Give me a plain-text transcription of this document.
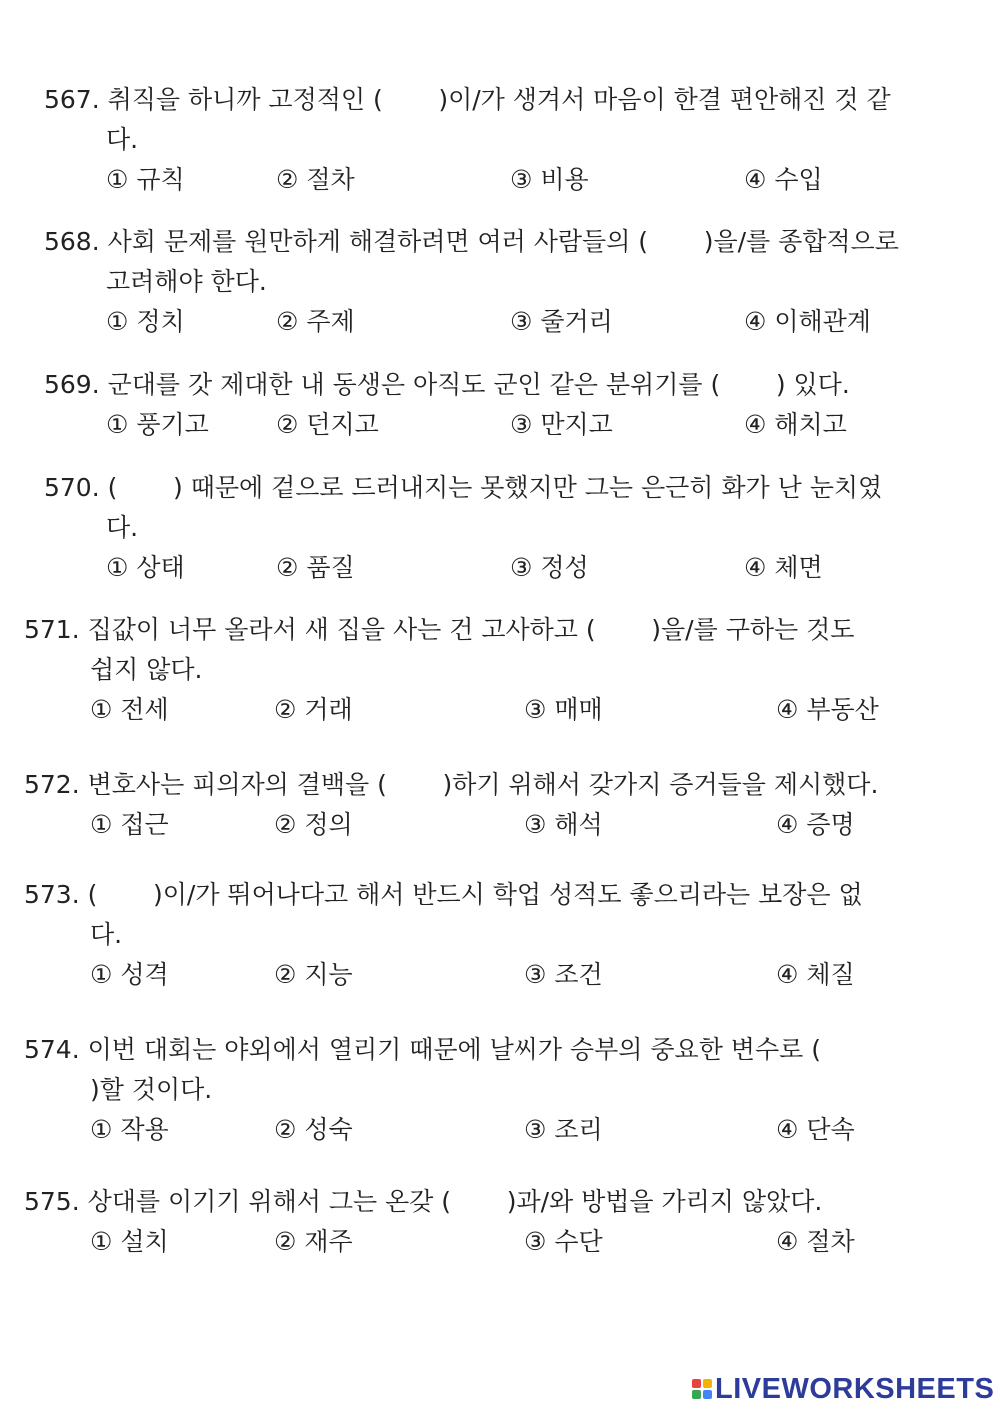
567. 취직을 하니까 고정적인 (       )이/가 생겨서 마음이 한결 편안해진 것 같
다.
① 규칙	② 절차	③ 비용	④ 수입
568. 사회 문제를 원만하게 해결하려면 여러 사람들의 (       )을/를 종합적으로
고려해야 한다.
① 정치	② 주제	③ 줄거리	④ 이해관계
569. 군대를 갓 제대한 내 동생은 아직도 군인 같은 분위기를 (       ) 있다.
① 풍기고	② 던지고	③ 만지고	④ 해치고
570. (       ) 때문에 겉으로 드러내지는 못했지만 그는 은근히 화가 난 눈치였
다.
① 상태	② 품질	③ 정성	④ 체면
571. 집값이 너무 올라서 새 집을 사는 건 고사하고 (       )을/를 구하는 것도
쉽지 않다.
① 전세	② 거래	③ 매매	④ 부동산
572. 변호사는 피의자의 결백을 (       )하기 위해서 갖가지 증거들을 제시했다.
① 접근	② 정의	③ 해석	④ 증명
573. (       )이/가 뛰어나다고 해서 반드시 학업 성적도 좋으리라는 보장은 없
다.
① 성격	② 지능	③ 조건	④ 체질
574. 이번 대회는 야외에서 열리기 때문에 날씨가 승부의 중요한 변수로 (
)할 것이다.
① 작용	② 성숙	③ 조리	④ 단속
575. 상대를 이기기 위해서 그는 온갖 (       )과/와 방법을 가리지 않았다.
① 설치	② 재주	③ 수단	④ 절차
LIVEWORKSHEETS
